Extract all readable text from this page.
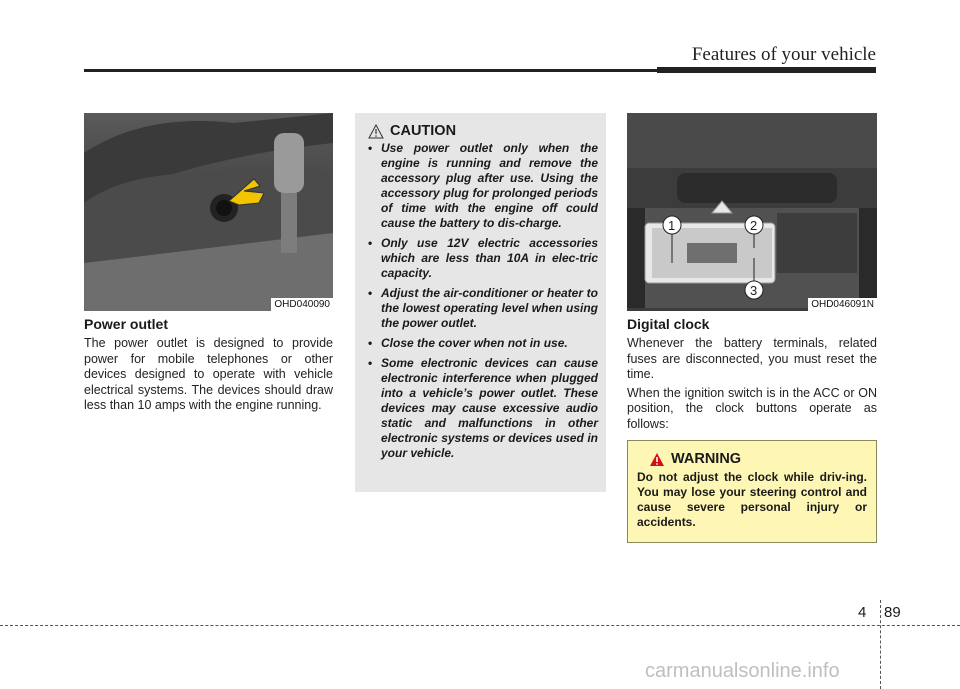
Features of your vehicle
OHD040090
Power outlet

The power outlet is designed to provide power for mobile telephones or other devices designed to operate with vehicle electrical systems. The devices should draw less than 10 amps with the engine running.

CAUTION
• Use power outlet only when the engine is running and remove the accessory plug after use. Using the accessory plug for prolonged periods of time with the engine off could cause the battery to dis-charge.
• Only use 12V electric accessories which are less than 10A in elec-tric capacity.
• Adjust the air-conditioner or heater to the lowest operating level when using the power outlet.
• Close the cover when not in use.
• Some electronic devices can cause electronic interference when plugged into a vehicle’s power outlet. These devices may cause excessive audio static and malfunctions in other electronic systems or devices used in your vehicle.
1	2
3
OHD046091N
Digital clock

Whenever the battery terminals, related fuses are disconnected, you must reset the time.

When the ignition switch is in the ACC or ON position, the clock buttons operate as follows:

WARNING
Do not adjust the clock while driv-ing. You may lose your steering control and cause severe personal injury or accidents.
4 89
carmanualsonline.info
